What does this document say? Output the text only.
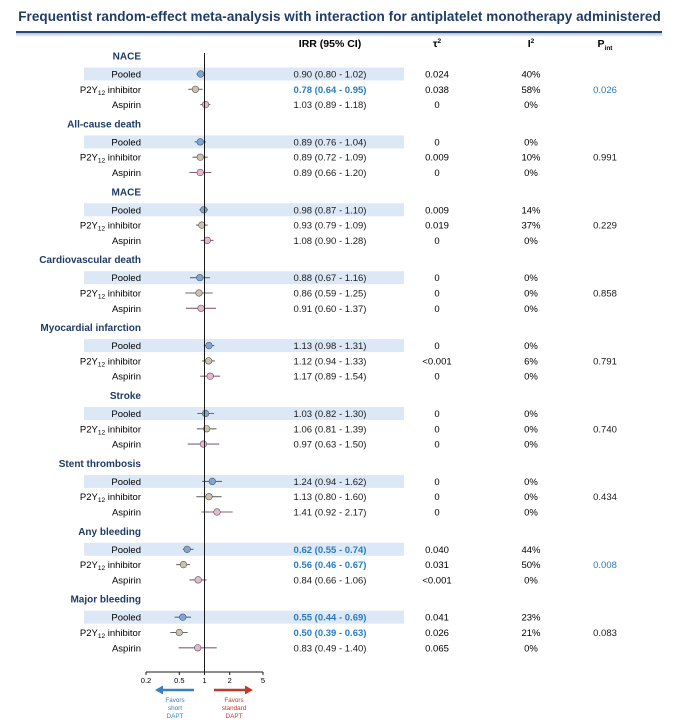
Frequentist random-effect meta-analysis with interaction for antiplatelet monotherapy administered
IRR (95% CI)	$\tau^2$	$I^2$	$P_{int}$
NACE
Pooled	0.90 (0.80 - 1.02)	0.024	40%
$P2Y_{12}$ inhibitor	0.78 (0.64 - 0.95)	0.038	58%	0.026
Aspirin	1.03 (0.89 - 1.18)	0	0%
All-cause death
Pooled	0.89 (0.76 - 1.04)	0	0%
$P2Y_{12}$ inhibitor	0.89 (0.72 - 1.09)	0.009	10%	0.991
Aspirin	0.89 (0.66 - 1.20)	0	0%
MACE
Pooled	0.98 (0.87 - 1.10)	0.009	14%
$P2Y_{12}$ inhibitor	0.93 (0.79 - 1.09)	0.019	37%	0.229
Aspirin	1.08 (0.90 - 1.28)	0	0%
Cardiovascular death
Pooled	0.88 (0.67 - 1.16)	0	0%
$P2Y_{12}$ inhibitor	0.86 (0.59 - 1.25)	0	0%	0.858
Aspirin	0.91 (0.60 - 1.37)	0	0%
Myocardial infarction
Pooled	1.13 (0.98 - 1.31)	0	0%
$P2Y_{12}$ inhibitor	1.12 (0.94 - 1.33)	<0.001	6%	0.791
Aspirin	1.17 (0.89 - 1.54)	0	0%
Stroke
Pooled	1.03 (0.82 - 1.30)	0	0%
$P2Y_{12}$ inhibitor	1.06 (0.81 - 1.39)	0	0%	0.740
Aspirin	0.97 (0.63 - 1.50)	0	0%
Stent thrombosis
Pooled	1.24 (0.94 - 1.62)	0	0%
$P2Y_{12}$ inhibitor	1.13 (0.80 - 1.60)	0	0%	0.434
Aspirin	1.41 (0.92 - 2.17)	0	0%
Any bleeding
Pooled	0.62 (0.55 - 0.74)	0.040	44%
$P2Y_{12}$ inhibitor	0.56 (0.46 - 0.67)	0.031	50%	0.008
Aspirin	0.84 (0.66 - 1.06)	<0.001	0%
Major bleeding
Pooled	0.55 (0.44 - 0.69)	0.041	23%
$P2Y_{12}$ inhibitor	0.50 (0.39 - 0.63)	0.026	21%	0.083
Aspirin	0.83 (0.49 - 1.40)	0.065	0%
0.2	0.5 1	2	5
Favors
short
DAPT
Favors
standard
DAPT
